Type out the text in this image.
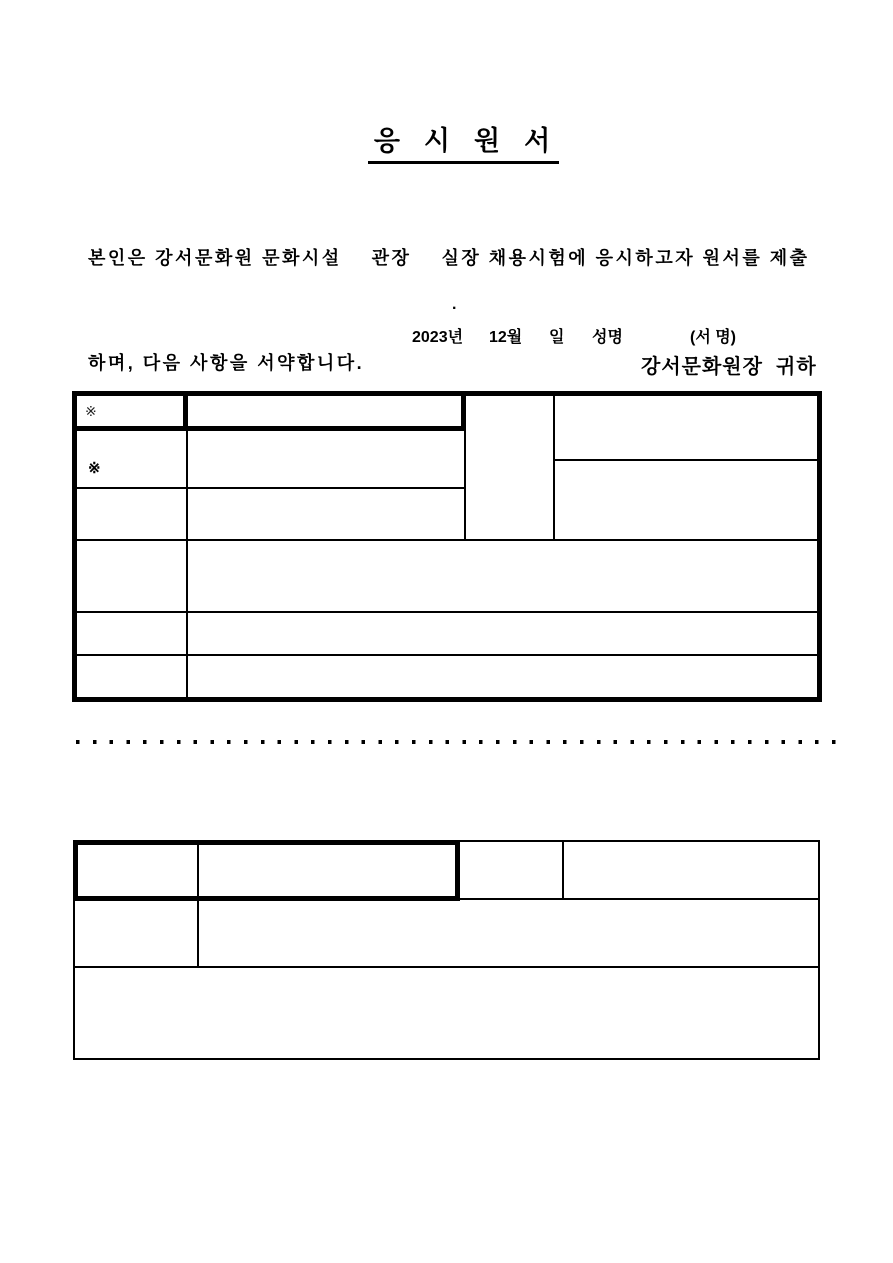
응  시  원  서

본인은 강서문화원 문화시설    관장    실장 채용시험에 응시하고자 원서를 제출

하며, 다음 사항을 서약합니다.

※

.
2023년 12월 일 성명	(서 명)
강서문화원장  귀하
※
